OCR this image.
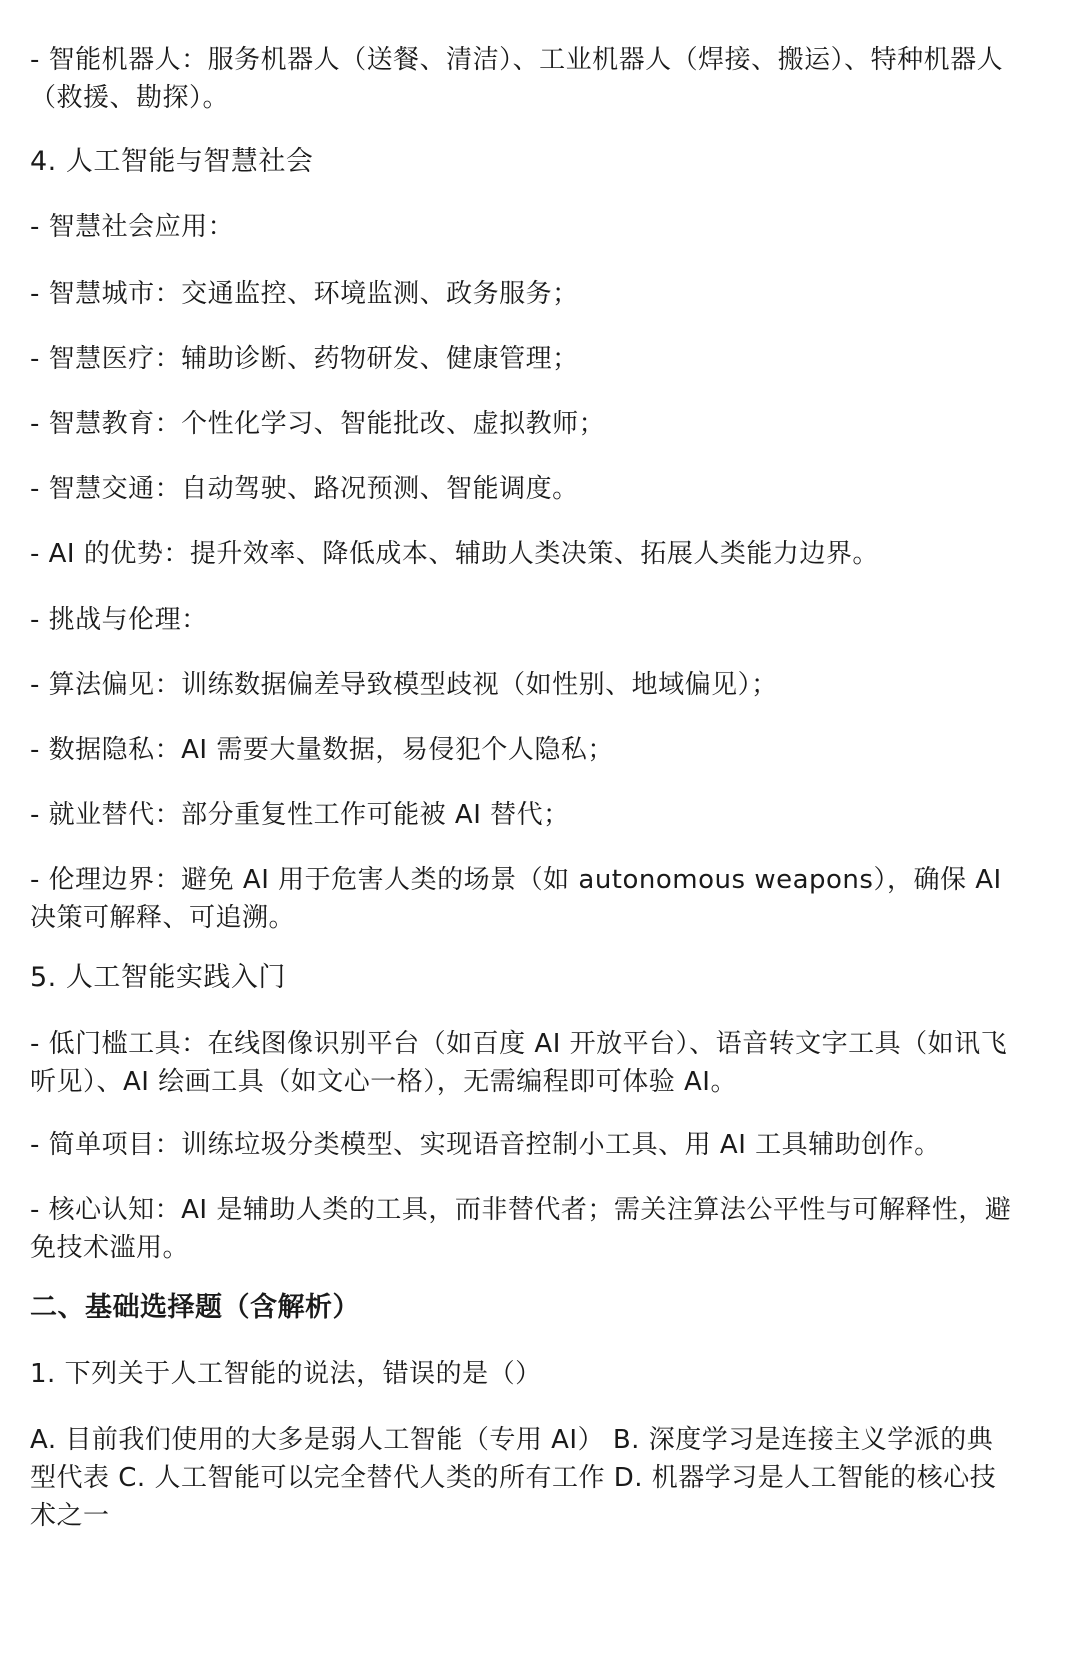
- 智能机器人：服务机器人（送餐、清洁）、工业机器人（焊接、搬运）、特种机器人（救援、勘探）。
4. 人工智能与智慧社会
- 智慧社会应用：
- 智慧城市：交通监控、环境监测、政务服务；
- 智慧医疗：辅助诊断、药物研发、健康管理；
- 智慧教育：个性化学习、智能批改、虚拟教师；
- 智慧交通：自动驾驶、路况预测、智能调度。
- AI 的优势：提升效率、降低成本、辅助人类决策、拓展人类能力边界。
- 挑战与伦理：
- 算法偏见：训练数据偏差导致模型歧视（如性别、地域偏见）；
- 数据隐私：AI 需要大量数据，易侵犯个人隐私；
- 就业替代：部分重复性工作可能被 AI 替代；
- 伦理边界：避免 AI 用于危害人类的场景（如 autonomous weapons），确保 AI 决策可解释、可追溯。
5. 人工智能实践入门
- 低门槛工具：在线图像识别平台（如百度 AI 开放平台）、语音转文字工具（如讯飞听见）、AI 绘画工具（如文心一格），无需编程即可体验 AI。
- 简单项目：训练垃圾分类模型、实现语音控制小工具、用 AI 工具辅助创作。
- 核心认知：AI 是辅助人类的工具，而非替代者；需关注算法公平性与可解释性，避免技术滥用。
二、基础选择题（含解析）
1. 下列关于人工智能的说法，错误的是（）
A. 目前我们使用的大多是弱人工智能（专用 AI） B. 深度学习是连接主义学派的典型代表 C. 人工智能可以完全替代人类的所有工作 D. 机器学习是人工智能的核心技术之一
